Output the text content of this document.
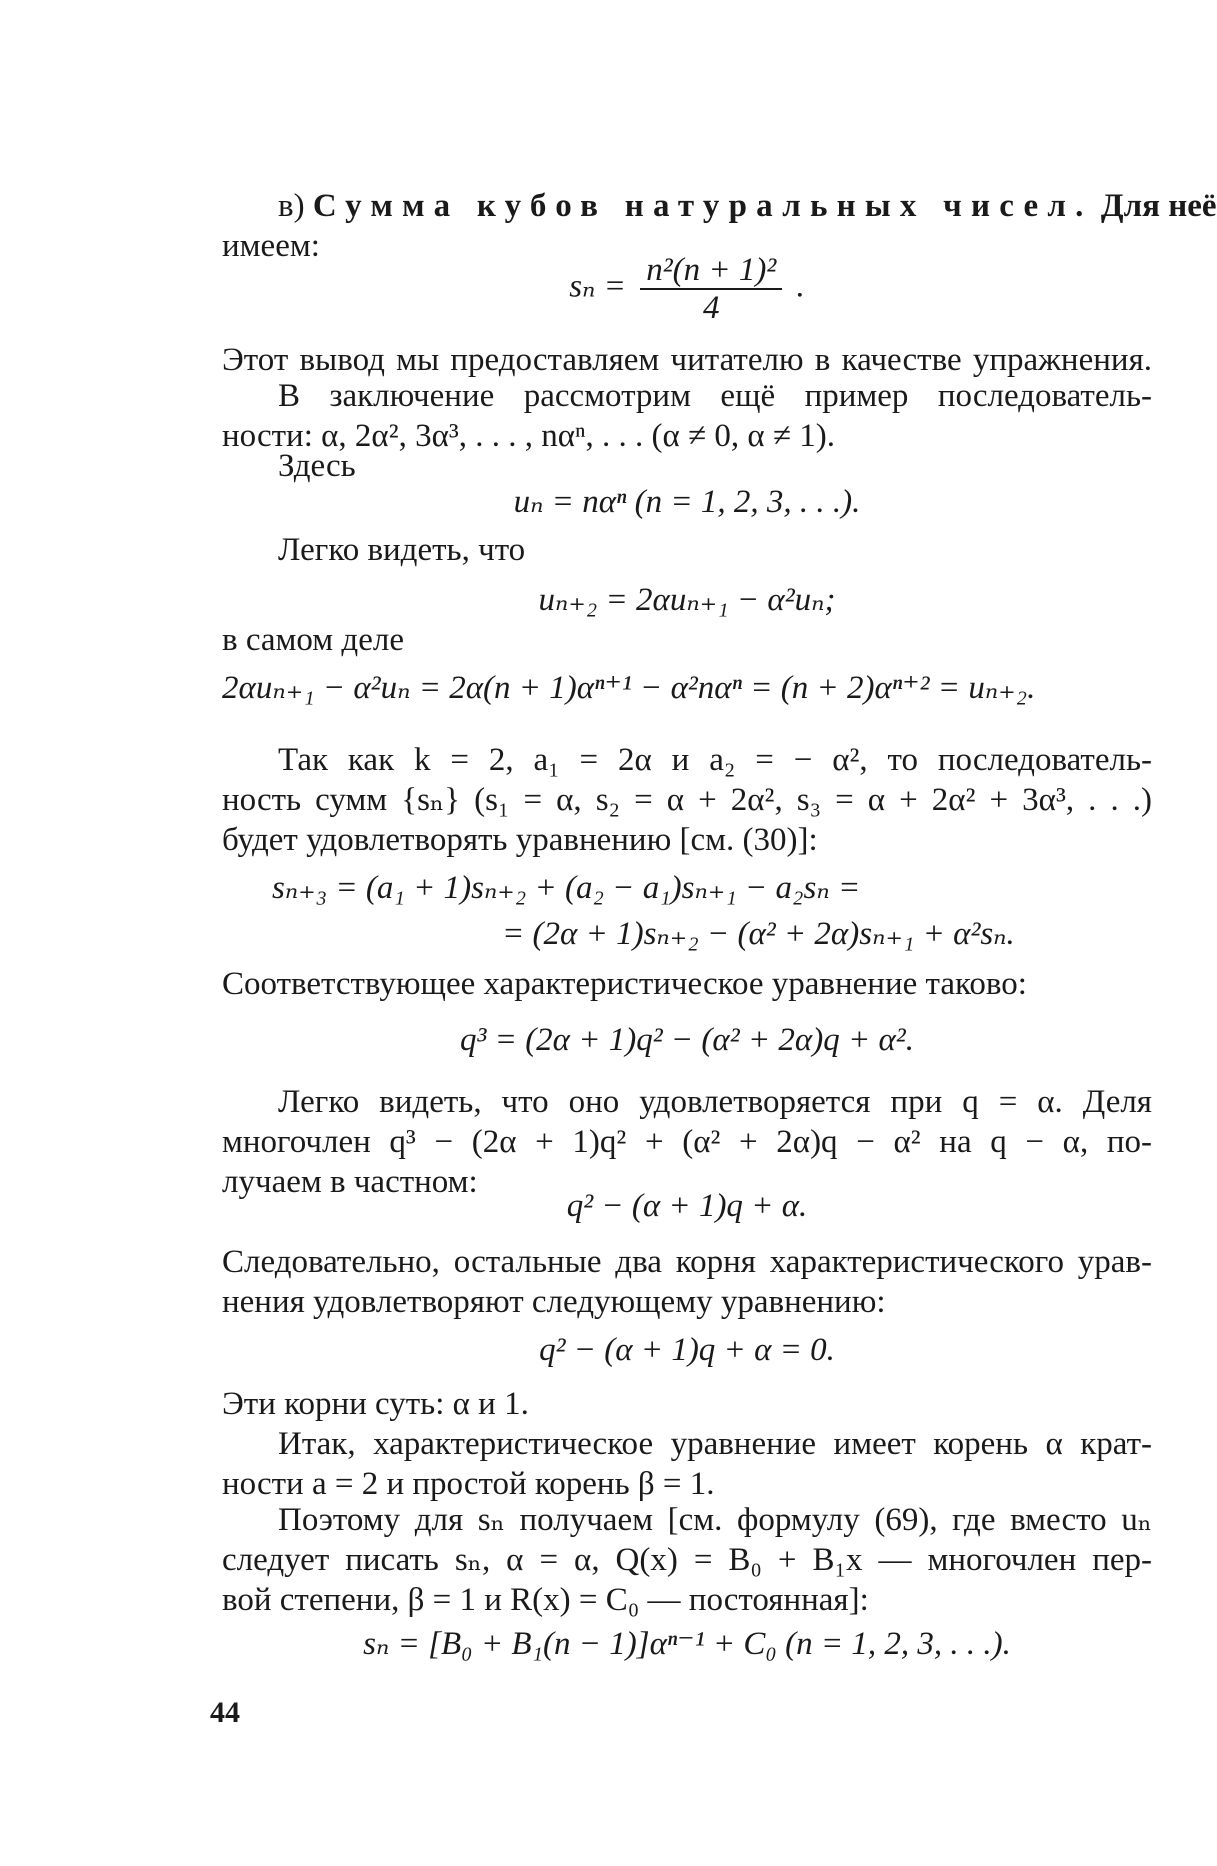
в) Сумма кубов натуральных чисел. Для неё
имеем:
$s_n = \frac{\text{n²(n + 1)²}}{4}$ .
Этот вывод мы предоставляем читателю в качестве упражнения.
В заключение рассмотрим ещё пример последователь-
ности: α, 2α², 3α³, . . . , nαⁿ, . . . (α ≠ 0, α ≠ 1).
Здесь
uₙ = nαⁿ (n = 1, 2, 3, . . .).
Легко видеть, что
uₙ₊₂ = 2αuₙ₊₁ − α²uₙ;
в самом деле
2αuₙ₊₁ − α²uₙ = 2α(n + 1)αⁿ⁺¹ − α²nαⁿ = (n + 2)αⁿ⁺² = uₙ₊₂.
Так как k = 2, a₁ = 2α и a₂ = − α², то последователь-
ность сумм {sₙ} (s₁ = α, s₂ = α + 2α², s₃ = α + 2α² + 3α³, . . .)
будет удовлетворять уравнению [см. (30)]:
sₙ₊₃ = (a₁ + 1)sₙ₊₂ + (a₂ − a₁)sₙ₊₁ − a₂sₙ =
= (2α + 1)sₙ₊₂ − (α² + 2α)sₙ₊₁ + α²sₙ.
Соответствующее характеристическое уравнение таково:
q³ = (2α + 1)q² − (α² + 2α)q + α².
Легко видеть, что оно удовлетворяется при q = α. Деля
многочлен q³ − (2α + 1)q² + (α² + 2α)q − α² на q − α, по-
лучаем в частном:
q² − (α + 1)q + α.
Следовательно, остальные два корня характеристического урав-
нения удовлетворяют следующему уравнению:
q² − (α + 1)q + α = 0.
Эти корни суть: α и 1.
Итак, характеристическое уравнение имеет корень α крат-
ности a = 2 и простой корень β = 1.
Поэтому для sₙ получаем [см. формулу (69), где вместо uₙ
следует писать sₙ, α = α, Q(x) = B₀ + B₁x — многочлен пер-
вой степени, β = 1 и R(x) = C₀ — постоянная]:
sₙ = [B₀ + B₁(n − 1)]αⁿ⁻¹ + C₀ (n = 1, 2, 3, . . .).
44
